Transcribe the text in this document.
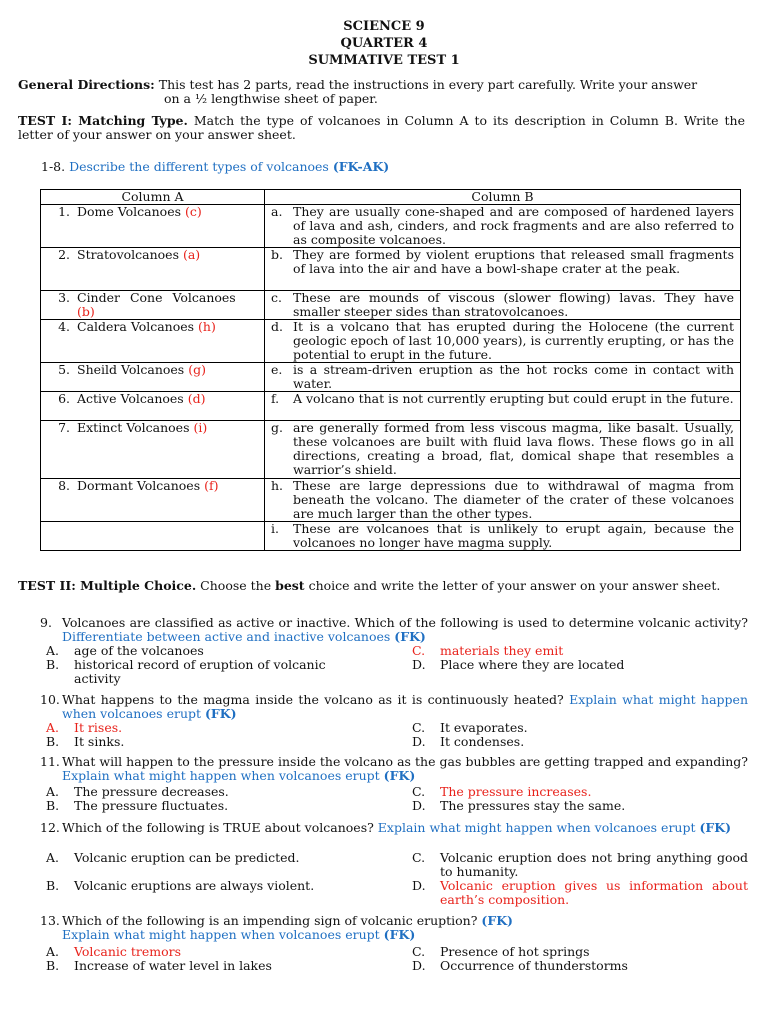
SCIENCE 9
QUARTER 4
SUMMATIVE TEST 1
General Directions: This test has 2 parts, read the instructions in every part carefully. Write your answer
on a ½ lengthwise sheet of paper.
TEST I: Matching Type. Match the type of volcanoes in Column A to its description in Column B. Write the letter of your answer on your answer sheet.
1-8. Describe the different types of volcanoes (FK-AK)
Column A	Column B

1. Dome Volcanoes (c)	a. They are usually cone-shaped and are composed of hardened layers of lava and ash, cinders, and rock fragments and are also referred to as composite volcanoes.

2. Stratovolcanoes (a)	b. They are formed by violent eruptions that released small fragments of lava into the air and have a bowl-shape crater at the peak.

3. Cinder Cone Volcanoes (b)	c. These are mounds of viscous (slower flowing) lavas. They have smaller steeper sides than stratovolcanoes.

4. Caldera Volcanoes (h)	d. It is a volcano that has erupted during the Holocene (the current geologic epoch of last 10,000 years), is currently erupting, or has the potential to erupt in the future.

5. Sheild Volcanoes (g)	e. is a stream-driven eruption as the hot rocks come in contact with water.

6. Active Volcanoes (d)	f. A volcano that is not currently erupting but could erupt in the future.

7. Extinct Volcanoes (i)	g. are generally formed from less viscous magma, like basalt. Usually, these volcanoes are built with fluid lava flows. These flows go in all directions, creating a broad, flat, domical shape that resembles a warrior’s shield.

8. Dormant Volcanoes (f)	h. These are large depressions due to withdrawal of magma from beneath the volcano. The diameter of the crater of these volcanoes are much larger than the other types.

	i. These are volcanoes that is unlikely to erupt again, because the volcanoes no longer have magma supply.
TEST II: Multiple Choice. Choose the best choice and write the letter of your answer on your answer sheet.
9. Volcanoes are classified as active or inactive. Which of the following is used to determine volcanic activity? Differentiate between active and inactive volcanoes (FK)
A. age of the volcanoes
B.	historical record of eruption of volcanic activity
C. materials they emit
D. Place where they are located
10. What happens to the magma inside the volcano as it is continuously heated? Explain what might happen when volcanoes erupt (FK)
A. It rises.
B. It sinks.
C. It evaporates.
D. It condenses.
11. What will happen to the pressure inside the volcano as the gas bubbles are getting trapped and expanding? Explain what might happen when volcanoes erupt (FK)
A. The pressure decreases.
B. The pressure fluctuates.
C. The pressure increases.
D. The pressures stay the same.
12. Which of the following is TRUE about volcanoes? Explain what might happen when volcanoes erupt (FK)
A. Volcanic eruption can be predicted.
B. Volcanic eruptions are always violent.
C.	Volcanic eruption does not bring anything good to humanity.
D.	Volcanic eruption gives us information about earth’s composition.
13. Which of the following is an impending sign of volcanic eruption? (FK)
Explain what might happen when volcanoes erupt (FK)
A. Volcanic tremors
B. Increase of water level in lakes
C. Presence of hot springs
D. Occurrence of thunderstorms
